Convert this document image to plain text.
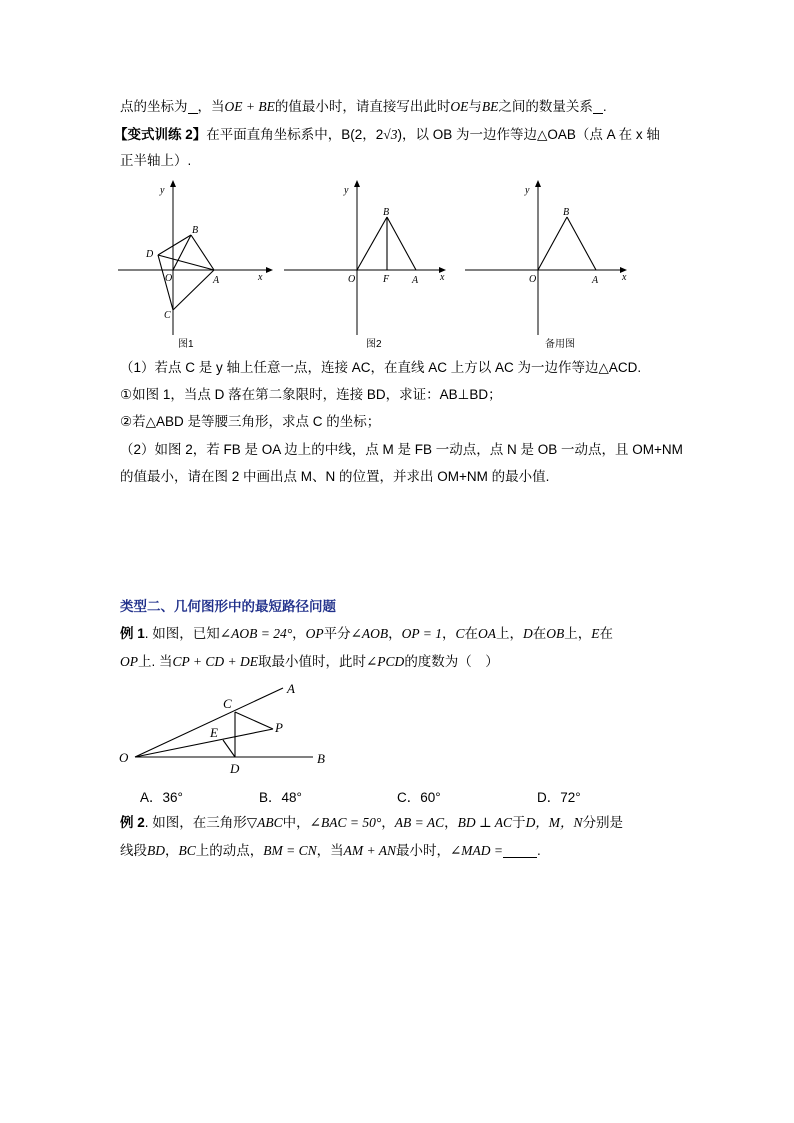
点的坐标为 ，当OE + BE的值最小时，请直接写出此时OE与BE之间的数量关系 .
【变式训练 2】在平面直角坐标系中，B(2，2√3)，以 OB 为一边作等边△OAB（点 A 在 x 轴
正半轴上）.
y
x
B
D
O	A
C
图1
y
x
B
O	F A
图2
y
x
B
O	A
备用图
（1）若点 C 是 y 轴上任意一点，连接 AC，在直线 AC 上方以 AC 为一边作等边△ACD.
①如图 1，当点 D 落在第二象限时，连接 BD，求证：AB⊥BD；
②若△ABD 是等腰三角形，求点 C 的坐标；
（2）如图 2，若 FB 是 OA 边上的中线，点 M 是 FB 一动点，点 N 是 OB 一动点，且 OM+NM
的值最小，请在图 2 中画出点 M、N 的位置，并求出 OM+NM 的最小值.
类型二、几何图形中的最短路径问题
例 1. 如图，已知∠AOB = 24°，OP平分∠AOB，OP = 1，C在OA上，D在OB上，E在
OP上. 当CP + CD + DE取最小值时，此时∠PCD的度数为（　）
O
A
B
C
E	P
D
A．36°	B．48°	C．60°	D．72°
例 2. 如图，在三角形▽ABC中，∠BAC = 50°，AB = AC，BD ⊥ AC于D，M，N分别是
线段BD，BC上的动点，BM = CN，当AM + AN最小时，∠MAD =	.
